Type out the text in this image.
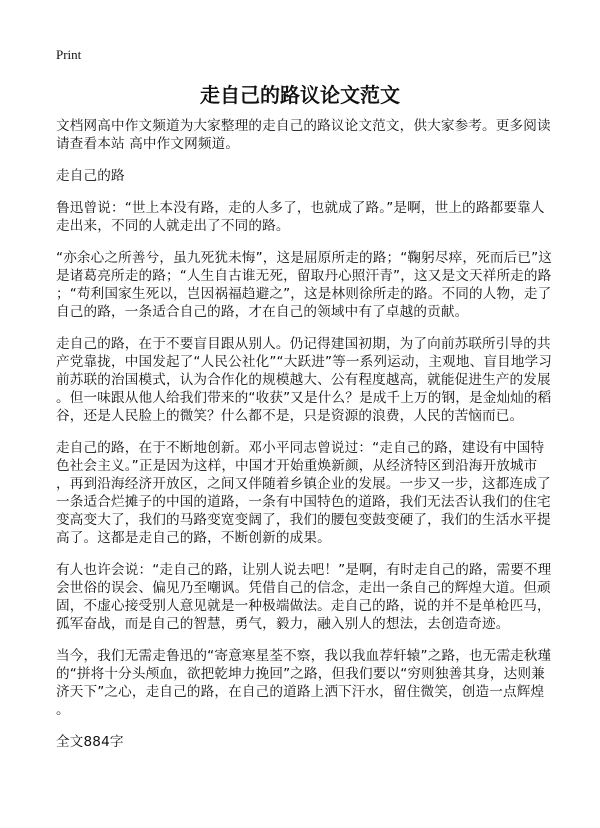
Print
走自己的路议论文范文
文档网高中作文频道为大家整理的走自己的路议论文范文，供大家参考。更多阅读
请查看本站 高中作文网频道。
走自己的路
鲁迅曾说：“世上本没有路，走的人多了，也就成了路。”是啊，世上的路都要靠人
走出来，不同的人就走出了不同的路。
“亦余心之所善兮，虽九死犹未悔”，这是屈原所走的路；“鞠躬尽瘁，死而后已”这
是诸葛亮所走的路；“人生自古谁无死，留取丹心照汗青”，这又是文天祥所走的路
；“苟利国家生死以，岂因祸福趋避之”，这是林则徐所走的路。不同的人物，走了
自己的路，一条适合自己的路，才在自己的领域中有了卓越的贡献。
走自己的路，在于不要盲目跟从别人。仍记得建国初期，为了向前苏联所引导的共
产党靠拢，中国发起了“人民公社化”“大跃进”等一系列运动，主观地、盲目地学习
前苏联的治国模式，认为合作化的规模越大、公有程度越高，就能促进生产的发展
。但一味跟从他人给我们带来的“收获”又是什么？是成千上万的钢，是金灿灿的稻
谷，还是人民脸上的微笑？什么都不是，只是资源的浪费，人民的苦恼而已。
走自己的路，在于不断地创新。邓小平同志曾说过：“走自己的路，建设有中国特
色社会主义。”正是因为这样，中国才开始重焕新颜，从经济特区到沿海开放城市
，再到沿海经济开放区，之间又伴随着乡镇企业的发展。一步又一步，这都连成了
一条适合烂摊子的中国的道路，一条有中国特色的道路，我们无法否认我们的住宅
变高变大了，我们的马路变宽变阔了，我们的腰包变鼓变硬了，我们的生活水平提
高了。这都是走自己的路，不断创新的成果。
有人也许会说：“走自己的路，让别人说去吧！”是啊，有时走自己的路，需要不理
会世俗的误会、偏见乃至嘲讽。凭借自己的信念，走出一条自己的辉煌大道。但顽
固，不虚心接受别人意见就是一种极端做法。走自己的路，说的并不是单枪匹马，
孤军奋战，而是自己的智慧，勇气，毅力，融入别人的想法，去创造奇迹。
当今，我们无需走鲁迅的“寄意寒星荃不察，我以我血荐轩辕”之路，也无需走秋瑾
的“拼将十分头颅血，欲把乾坤力挽回”之路，但我们要以“穷则独善其身，达则兼
济天下”之心，走自己的路，在自己的道路上洒下汗水，留住微笑，创造一点辉煌
。
全文884字
